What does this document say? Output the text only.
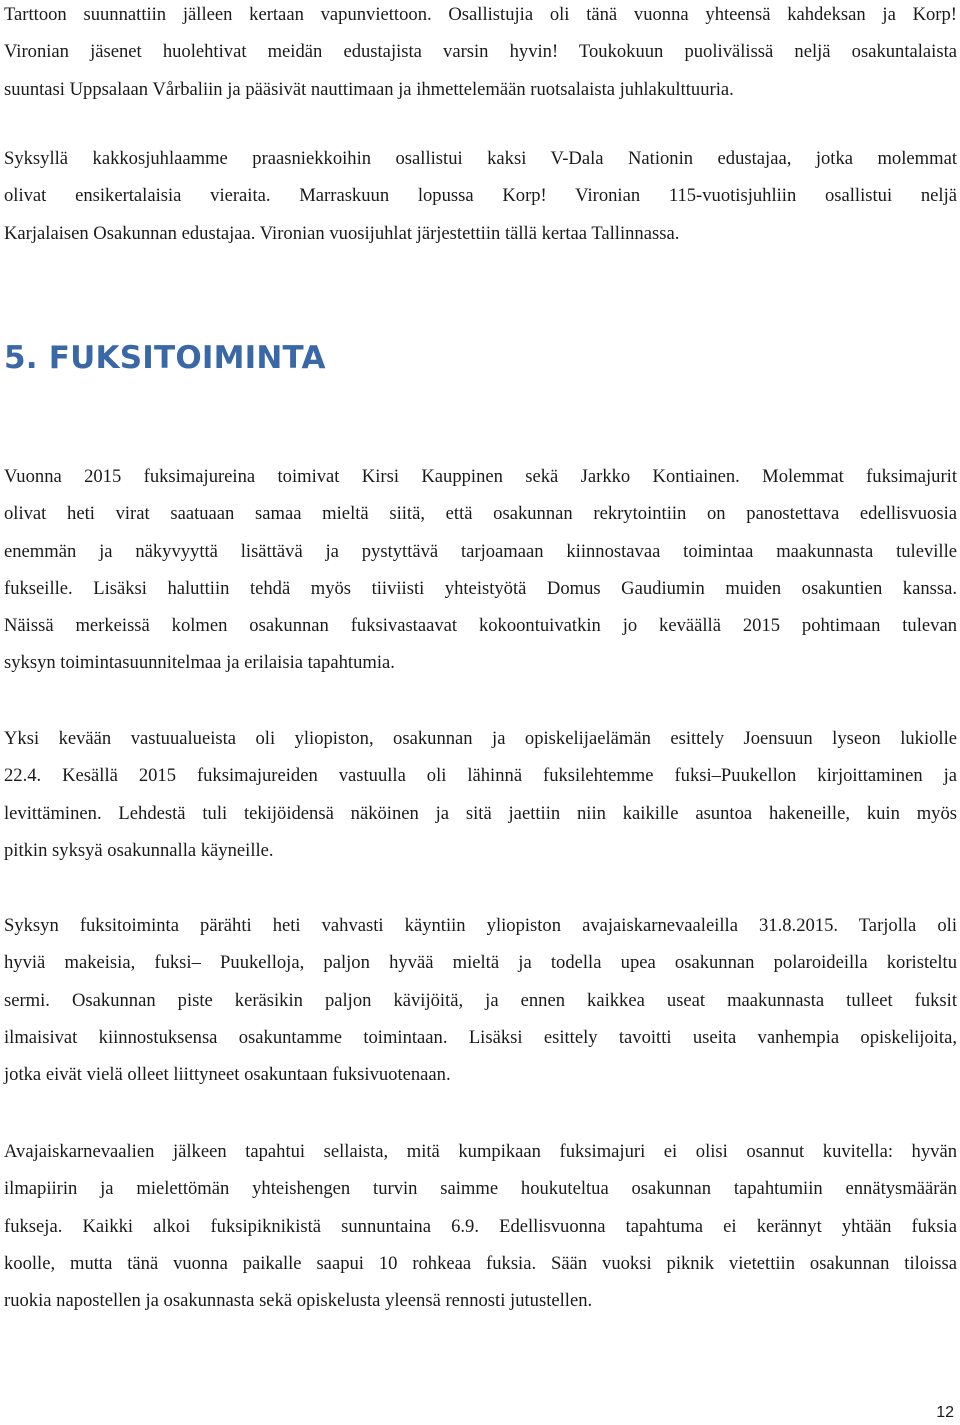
Tarttoon suunnattiin jälleen kertaan vapunviettoon. Osallistujia oli tänä vuonna yhteensä kahdeksan ja Korp!
Vironian jäsenet huolehtivat meidän edustajista varsin hyvin! Toukokuun puolivälissä neljä osakuntalaista
suuntasi Uppsalaan Vårbaliin ja pääsivät nauttimaan ja ihmettelemään ruotsalaista juhlakulttuuria.

Syksyllä kakkosjuhlaamme praasniekkoihin osallistui kaksi V-Dala Nationin edustajaa, jotka molemmat
olivat ensikertalaisia vieraita. Marraskuun lopussa Korp! Vironian 115-vuotisjuhliin osallistui neljä
Karjalaisen Osakunnan edustajaa. Vironian vuosijuhlat järjestettiin tällä kertaa Tallinnassa.

5. FUKSITOIMINTA

Vuonna 2015 fuksimajureina toimivat Kirsi Kauppinen sekä Jarkko Kontiainen. Molemmat fuksimajurit
olivat heti virat saatuaan samaa mieltä siitä, että osakunnan rekrytointiin on panostettava edellisvuosia
enemmän ja näkyvyyttä lisättävä ja pystyttävä tarjoamaan kiinnostavaa toimintaa maakunnasta tuleville
fukseille. Lisäksi haluttiin tehdä myös tiiviisti yhteistyötä Domus Gaudiumin muiden osakuntien kanssa.
Näissä merkeissä kolmen osakunnan fuksivastaavat kokoontuivatkin jo keväällä 2015 pohtimaan tulevan
syksyn toimintasuunnitelmaa ja erilaisia tapahtumia.

Yksi kevään vastuualueista oli yliopiston, osakunnan ja opiskelijaelämän esittely Joensuun lyseon lukiolle
22.4. Kesällä 2015 fuksimajureiden vastuulla oli lähinnä fuksilehtemme fuksi–Puukellon kirjoittaminen ja
levittäminen. Lehdestä tuli tekijöidensä näköinen ja sitä jaettiin niin kaikille asuntoa hakeneille, kuin myös
pitkin syksyä osakunnalla käyneille.

Syksyn fuksitoiminta pärähti heti vahvasti käyntiin yliopiston avajaiskarnevaaleilla 31.8.2015. Tarjolla oli
hyviä makeisia, fuksi– Puukelloja, paljon hyvää mieltä ja todella upea osakunnan polaroideilla koristeltu
sermi. Osakunnan piste keräsikin paljon kävijöitä, ja ennen kaikkea useat maakunnasta tulleet fuksit
ilmaisivat kiinnostuksensa osakuntamme toimintaan. Lisäksi esittely tavoitti useita vanhempia opiskelijoita,
jotka eivät vielä olleet liittyneet osakuntaan fuksivuotenaan.

Avajaiskarnevaalien jälkeen tapahtui sellaista, mitä kumpikaan fuksimajuri ei olisi osannut kuvitella: hyvän
ilmapiirin ja mielettömän yhteishengen turvin saimme houkuteltua osakunnan tapahtumiin ennätysmäärän
fukseja. Kaikki alkoi fuksipiknikistä sunnuntaina 6.9. Edellisvuonna tapahtuma ei kerännyt yhtään fuksia
koolle, mutta tänä vuonna paikalle saapui 10 rohkeaa fuksia. Sään vuoksi piknik vietettiin osakunnan tiloissa
ruokia napostellen ja osakunnasta sekä opiskelusta yleensä rennosti jutustellen.

12
